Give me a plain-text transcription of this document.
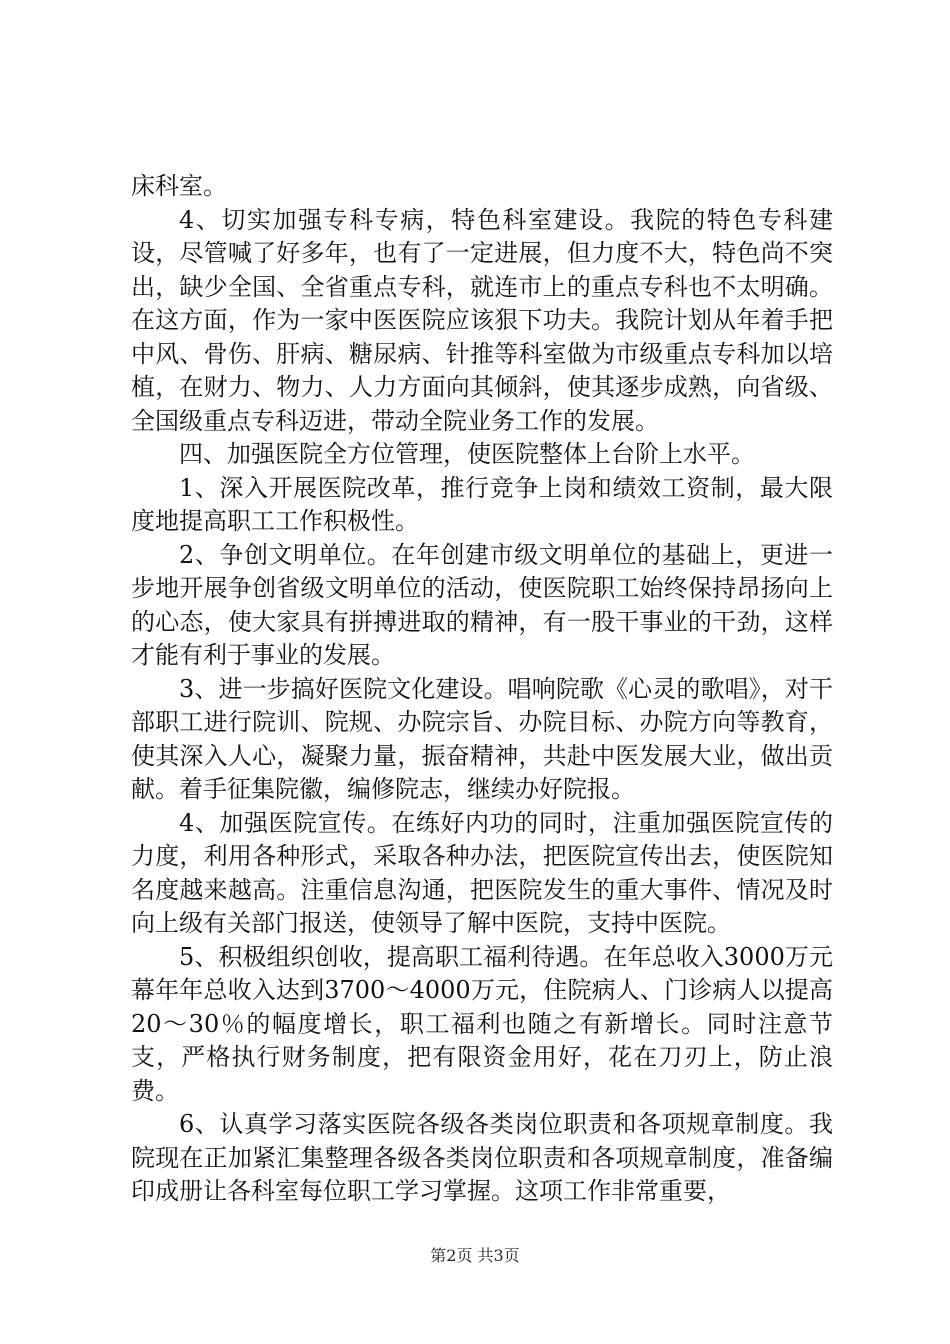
床科室。

4、切实加强专科专病，特色科室建设。我院的特色专科建设，尽管喊了好多年，也有了一定进展，但力度不大，特色尚不突出，缺少全国、全省重点专科，就连市上的重点专科也不太明确。在这方面，作为一家中医医院应该狠下功夫。我院计划从年着手把中风、骨伤、肝病、糖尿病、针推等科室做为市级重点专科加以培植，在财力、物力、人力方面向其倾斜，使其逐步成熟，向省级、全国级重点专科迈进，带动全院业务工作的发展。

四、加强医院全方位管理，使医院整体上台阶上水平。

1、深入开展医院改革，推行竞争上岗和绩效工资制，最大限度地提高职工工作积极性。

2、争创文明单位。在年创建市级文明单位的基础上，更进一步地开展争创省级文明单位的活动，使医院职工始终保持昂扬向上的心态，使大家具有拼搏进取的精神，有一股干事业的干劲，这样才能有利于事业的发展。

3、进一步搞好医院文化建设。唱响院歌《心灵的歌唱》，对干部职工进行院训、院规、办院宗旨、办院目标、办院方向等教育，使其深入人心，凝聚力量，振奋精神，共赴中医发展大业，做出贡献。着手征集院徽，编修院志，继续办好院报。

4、加强医院宣传。在练好内功的同时，注重加强医院宣传的力度，利用各种形式，采取各种办法，把医院宣传出去，使医院知名度越来越高。注重信息沟通，把医院发生的重大事件、情况及时向上级有关部门报送，使领导了解中医院，支持中医院。

5、积极组织创收，提高职工福利待遇。在年总收入3000万元幕年年总收入达到3700～4000万元，住院病人、门诊病人以提高20～30％的幅度增长，职工福利也随之有新增长。同时注意节支，严格执行财务制度，把有限资金用好，花在刀刃上，防止浪费。

6、认真学习落实医院各级各类岗位职责和各项规章制度。我院现在正加紧汇集整理各级各类岗位职责和各项规章制度，准备编印成册让各科室每位职工学习掌握。这项工作非常重要，

第2页 共3页
